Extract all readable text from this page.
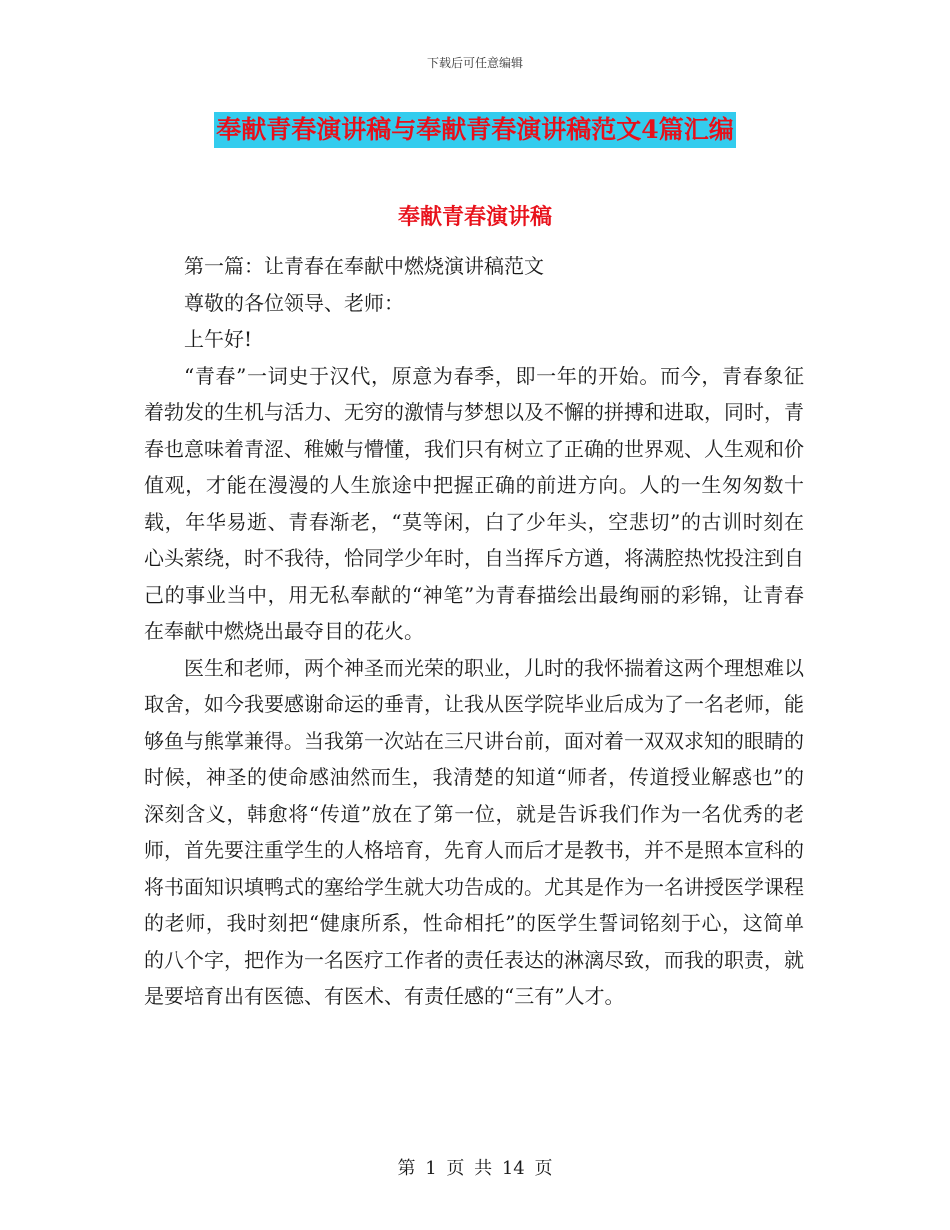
下载后可任意编辑
奉献青春演讲稿与奉献青春演讲稿范文4篇汇编
奉献青春演讲稿

第一篇：让青春在奉献中燃烧演讲稿范文

尊敬的各位领导、老师：

上午好!

“青春”一词史于汉代，原意为春季，即一年的开始。而今，青春象征着勃发的生机与活力、无穷的激情与梦想以及不懈的拼搏和进取，同时，青春也意味着青涩、稚嫩与懵懂，我们只有树立了正确的世界观、人生观和价值观，才能在漫漫的人生旅途中把握正确的前进方向。人的一生匆匆数十载，年华易逝、青春渐老，“莫等闲，白了少年头，空悲切”的古训时刻在心头萦绕，时不我待，恰同学少年时，自当挥斥方遒，将满腔热忱投注到自己的事业当中，用无私奉献的“神笔”为青春描绘出最绚丽的彩锦，让青春在奉献中燃烧出最夺目的花火。

医生和老师，两个神圣而光荣的职业，儿时的我怀揣着这两个理想难以取舍，如今我要感谢命运的垂青，让我从医学院毕业后成为了一名老师，能够鱼与熊掌兼得。当我第一次站在三尺讲台前，面对着一双双求知的眼睛的时候，神圣的使命感油然而生，我清楚的知道“师者，传道授业解惑也”的深刻含义，韩愈将“传道”放在了第一位，就是告诉我们作为一名优秀的老师，首先要注重学生的人格培育，先育人而后才是教书，并不是照本宣科的将书面知识填鸭式的塞给学生就大功告成的。尤其是作为一名讲授医学课程的老师，我时刻把“健康所系，性命相托”的医学生誓词铭刻于心，这简单的八个字，把作为一名医疗工作者的责任表达的淋漓尽致，而我的职责，就是要培育出有医德、有医术、有责任感的“三有”人才。

第 1 页 共 14 页
